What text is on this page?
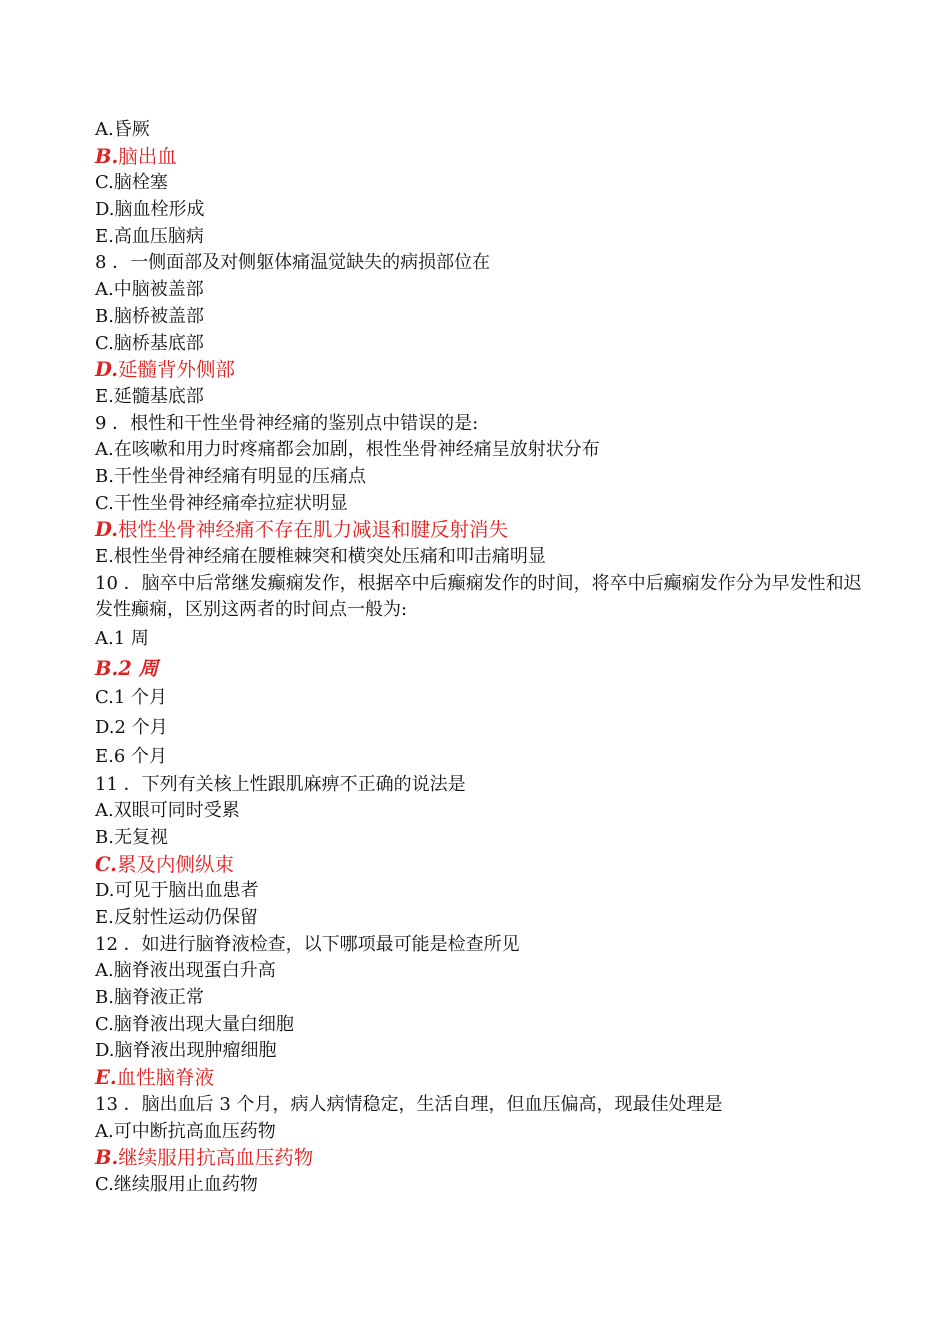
A.昏厥
B.脑出血
C.脑栓塞
D.脑血栓形成
E.高血压脑病
8 ．一侧面部及对侧躯体痛温觉缺失的病损部位在
A.中脑被盖部
B.脑桥被盖部
C.脑桥基底部
D.延髓背外侧部
E.延髓基底部
9 ．根性和干性坐骨神经痛的鉴别点中错误的是:
A.在咳嗽和用力时疼痛都会加剧，根性坐骨神经痛呈放射状分布
B.干性坐骨神经痛有明显的压痛点
C.干性坐骨神经痛牵拉症状明显
D.根性坐骨神经痛不存在肌力减退和腱反射消失
E.根性坐骨神经痛在腰椎棘突和横突处压痛和叩击痛明显
10 ．脑卒中后常继发癫痫发作，根据卒中后癫痫发作的时间，将卒中后癫痫发作分为早发性和迟发性癫痫，区别这两者的时间点一般为:
A.1 周
B.2 周
C.1 个月
D.2 个月
E.6 个月
11 ．下列有关核上性跟肌麻痹不正确的说法是
A.双眼可同时受累
B.无复视
C.累及内侧纵束
D.可见于脑出血患者
E.反射性运动仍保留
12 ．如进行脑脊液检查，以下哪项最可能是检查所见
A.脑脊液出现蛋白升高
B.脑脊液正常
C.脑脊液出现大量白细胞
D.脑脊液出现肿瘤细胞
E.血性脑脊液
13 ．脑出血后 3 个月，病人病情稳定，生活自理，但血压偏高，现最佳处理是
A.可中断抗高血压药物
B.继续服用抗高血压药物
C.继续服用止血药物
